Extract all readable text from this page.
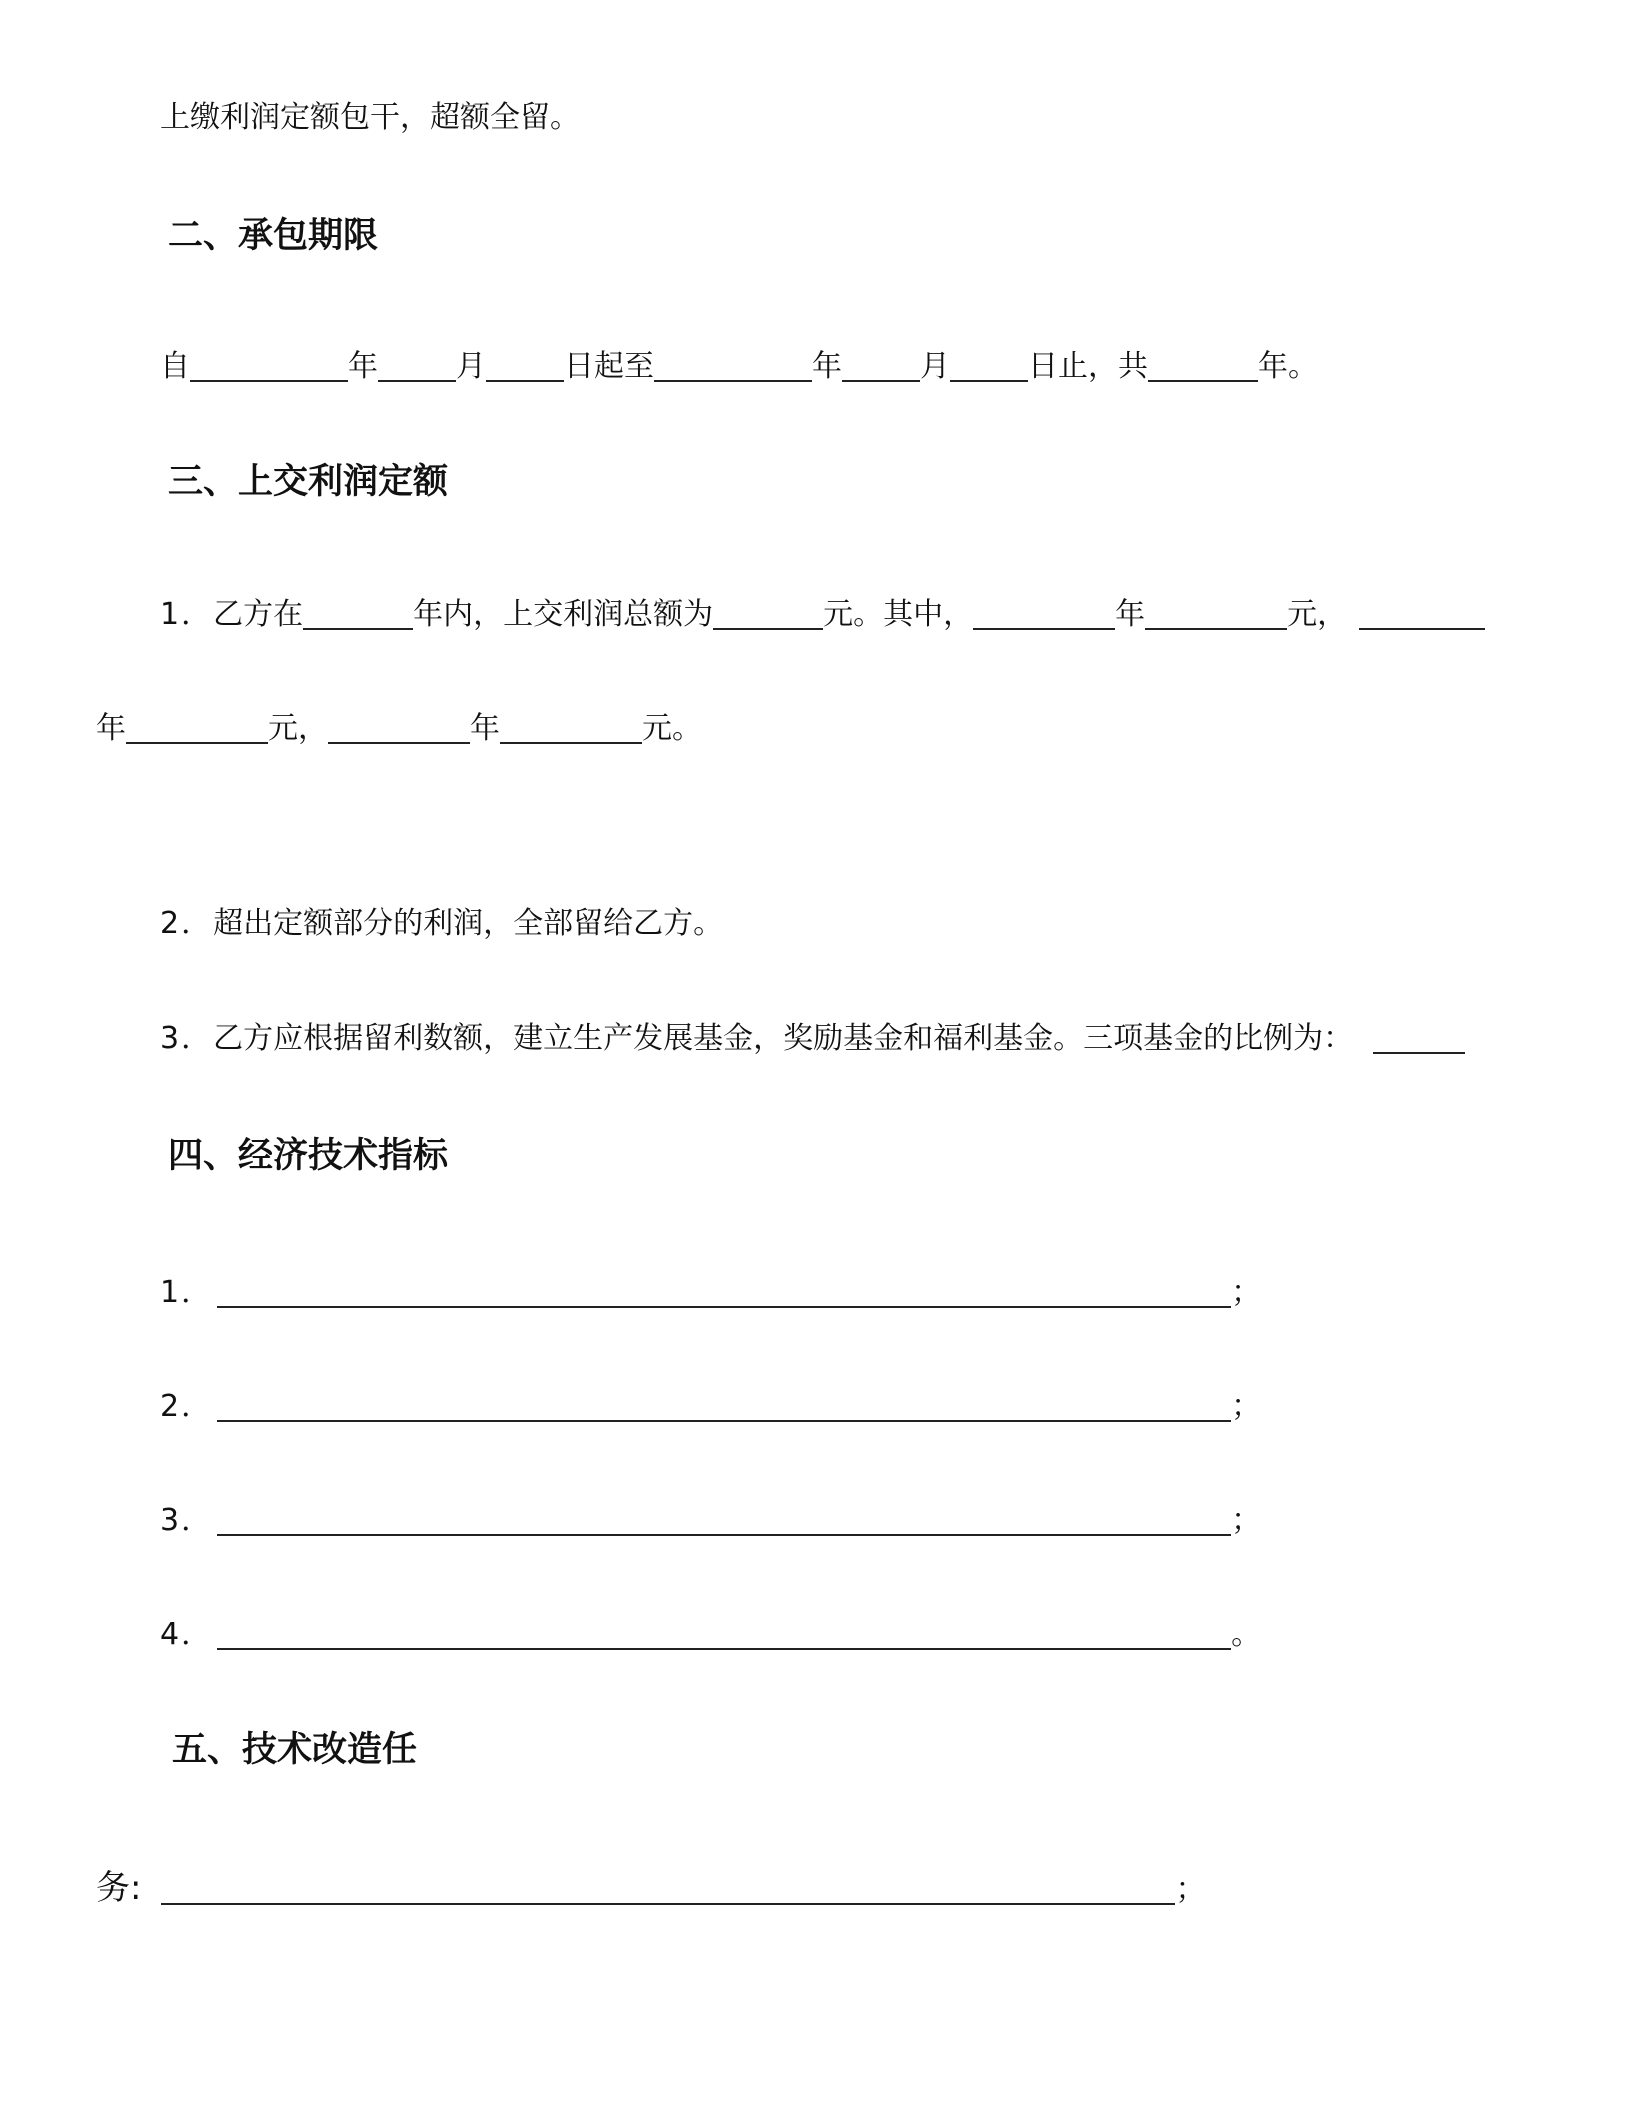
上缴利润定额包干，超额全留。
二、承包期限
自	年	月	日起至	年	月	日止，共	年。
三、上交利润定额
1．乙方在	年内，上交利润总额为	元。其中，	年	元，
年	元，	年	元。
2．超出定额部分的利润，全部留给乙方。
3．乙方应根据留利数额，建立生产发展基金，奖励基金和福利基金。三项基金的比例为：
四、经济技术指标
1．	；
2．	；
3．	；
4．	。
五、技术改造任
务:	；
